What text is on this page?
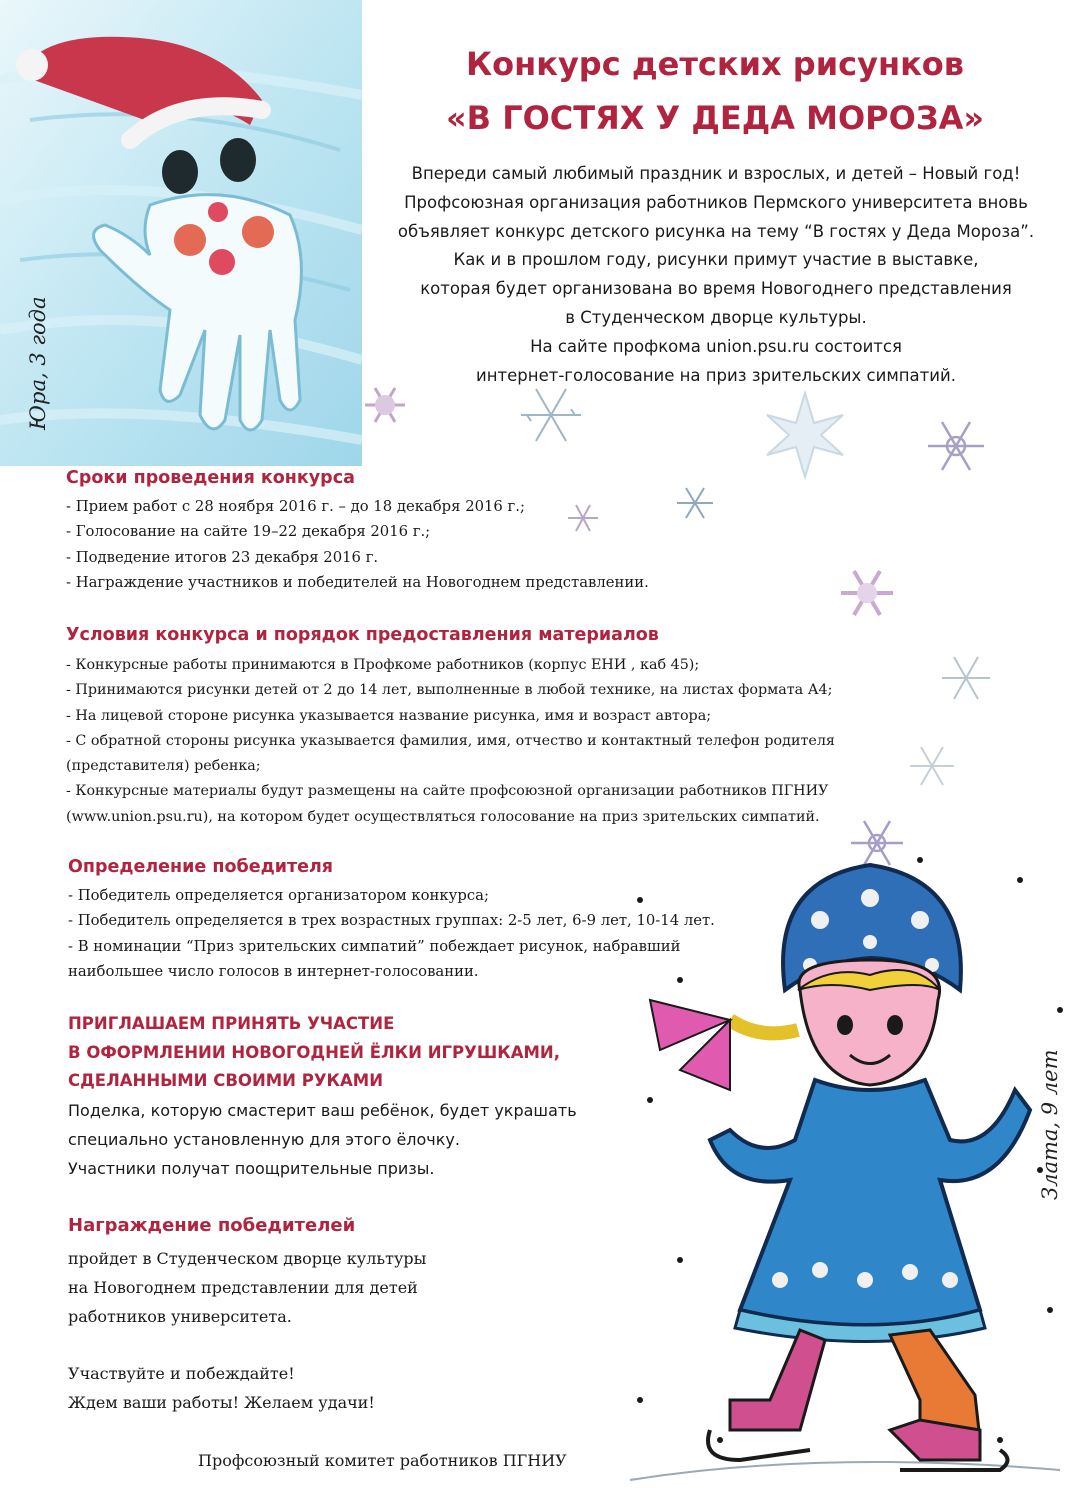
Юра, 3 года
Конкурс детских рисунков
«В ГОСТЯХ У ДЕДА МОРОЗА»
Впереди самый любимый праздник и взрослых, и детей – Новый год!
Профсоюзная организация работников Пермского университета вновь
объявляет конкурс детского рисунка на тему “В гостях у Деда Мороза”.
Как и в прошлом году, рисунки примут участие в выставке,
которая будет организована во время Новогоднего представления
в Студенческом дворце культуры.
На сайте профкома union.psu.ru состоится
интернет-голосование на приз зрительских симпатий.
Злата, 9 лет
Сроки проведения конкурса
- Прием работ с 28 ноября 2016 г. – до 18 декабря 2016 г.;
- Голосование на сайте 19–22 декабря 2016 г.;
- Подведение итогов 23 декабря 2016 г.
- Награждение участников и победителей на Новогоднем представлении.
Условия конкурса и порядок предоставления материалов
- Конкурсные работы принимаются в Профкоме работников (корпус ЕНИ , каб 45);
- Принимаются рисунки детей от 2 до 14 лет, выполненные в любой технике, на листах формата А4;
- На лицевой стороне рисунка указывается название рисунка, имя и возраст автора;
- С обратной стороны рисунка указывается фамилия, имя, отчество и контактный телефон родителя
(представителя) ребенка;
- Конкурсные материалы будут размещены на сайте профсоюзной организации работников ПГНИУ
(www.union.psu.ru), на котором будет осуществляться голосование на приз зрительских симпатий.
Определение победителя
- Победитель определяется организатором конкурса;
- Победитель определяется в трех возрастных группах: 2-5 лет, 6-9 лет, 10-14 лет.
- В номинации “Приз зрительских симпатий” побеждает рисунок, набравший
наибольшее число голосов в интернет-голосовании.
ПРИГЛАШАЕМ ПРИНЯТЬ УЧАСТИЕ
В ОФОРМЛЕНИИ НОВОГОДНЕЙ ЁЛКИ ИГРУШКАМИ,
СДЕЛАННЫМИ СВОИМИ РУКАМИ
Поделка, которую смастерит ваш ребёнок, будет украшать
специально установленную для этого ёлочку.
Участники получат поощрительные призы.
Награждение победителей
пройдет в Студенческом дворце культуры
на Новогоднем представлении для детей
работников университета.
Участвуйте и побеждайте!
Ждем ваши работы! Желаем удачи!
Профсоюзный комитет работников ПГНИУ
